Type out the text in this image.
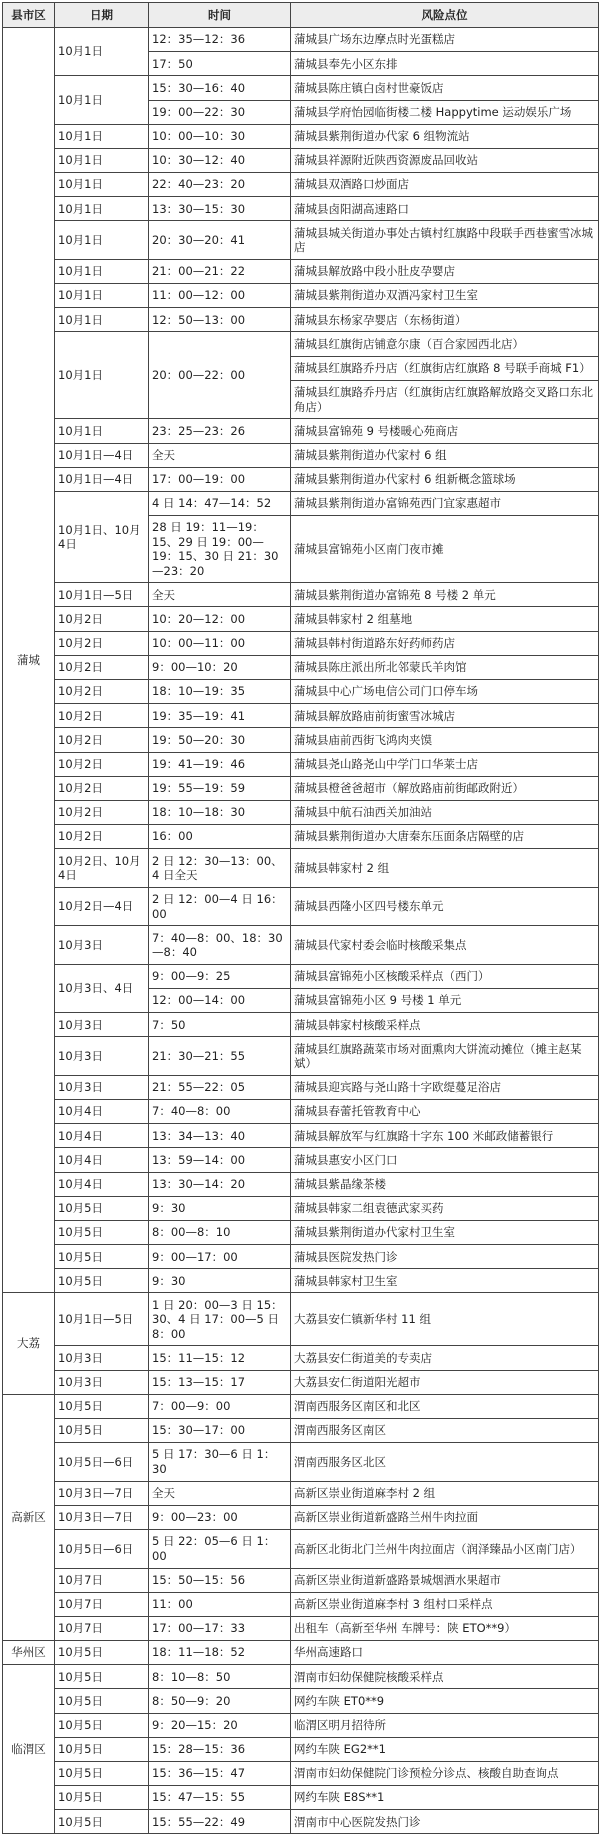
县市区	日期	时间	风险点位
蒲城	10月1日	12：35—12：36	蒲城县广场东边摩点时光蛋糕店
		17：50	蒲城县奉先小区东排
	10月1日	15：30—16：40	蒲城县陈庄镇白卤村世豪饭店
		19：00—22：30	蒲城县学府怡园临街楼二楼 Happytime 运动娱乐广场
	10月1日	10：00—10：30	蒲城县紫荆街道办代家 6 组物流站
	10月1日	10：30—12：40	蒲城县祥源附近陕西资源废品回收站
	10月1日	22：40—23：20	蒲城县双酒路口炒面店
	10月1日	13：30—15：30	蒲城县卤阳湖高速路口
	10月1日	20：30—20：41	蒲城县城关街道办事处古镇村红旗路中段联手西巷蜜雪冰城店
	10月1日	21：00—21：22	蒲城县解放路中段小肚皮孕婴店
	10月1日	11：00—12：00	蒲城县紫荆街道办双酒冯家村卫生室
	10月1日	12：50—13：00	蒲城县东杨家孕婴店（东杨街道）
	10月1日	20：00—22：00	蒲城县红旗街店铺意尔康（百合家园西北店）
			蒲城县红旗路乔丹店（红旗街店红旗路 8 号联手商城 F1）
			蒲城县红旗路乔丹店（红旗街店红旗路解放路交叉路口东北角店）
	10月1日	23：25—23：26	蒲城县富锦苑 9 号楼暖心苑商店
	10月1日—4日	全天	蒲城县紫荆街道办代家村 6 组
	10月1日—4日	17：00—19：00	蒲城县紫荆街道办代家村 6 组新概念篮球场
	10月1日、10月4日	4 日 14：47—14：52	蒲城县紫荆街道办富锦苑西门宜家惠超市
		28 日 19：11—19：15、29 日 19：00—19：15、30 日 21：30—23：20	蒲城县富锦苑小区南门夜市摊
	10月1日—5日	全天	蒲城县紫荆街道办富锦苑 8 号楼 2 单元
	10月2日	10：20—12：00	蒲城县韩家村 2 组墓地
	10月2日	10：00—11：00	蒲城县韩村街道路东好药师药店
	10月2日	9：00—10：20	蒲城县陈庄派出所北邻蒙氏羊肉馆
	10月2日	18：10—19：35	蒲城县中心广场电信公司门口停车场
	10月2日	19：35—19：41	蒲城县解放路庙前街蜜雪冰城店
	10月2日	19：50—20：30	蒲城县庙前西街飞鸿肉夹馍
	10月2日	19：41—19：46	蒲城县尧山路尧山中学门口华莱士店
	10月2日	19：55—19：59	蒲城县橙爸爸超市（解放路庙前街邮政附近）
	10月2日	18：10—18：30	蒲城县中航石油西关加油站
	10月2日	16：00	蒲城县紫荆街道办大唐秦东压面条店隔壁的店
	10月2日、10月4日	2 日 12：30—13：00、4 日全天	蒲城县韩家村 2 组
	10月2日—4日	2 日 12：00—4 日 16：00	蒲城县西隆小区四号楼东单元
	10月3日	7：40—8：00、18：30—8：40	蒲城县代家村委会临时核酸采集点
	10月3日、4日	9：00—9：25	蒲城县富锦苑小区核酸采样点（西门）
		12：00—14：00	蒲城县富锦苑小区 9 号楼 1 单元
	10月3日	7：50	蒲城县韩家村核酸采样点
	10月3日	21：30—21：55	蒲城县红旗路蔬菜市场对面熏肉大饼流动摊位（摊主赵某斌）
	10月3日	21：55—22：05	蒲城县迎宾路与尧山路十字欧缇蔓足浴店
	10月4日	7：40—8：00	蒲城县春蕾托管教育中心
	10月4日	13：34—13：40	蒲城县解放军与红旗路十字东 100 米邮政储蓄银行
	10月4日	13：59—14：00	蒲城县惠安小区门口
	10月4日	13：30—14：20	蒲城县紫晶缘茶楼
	10月5日	9：30	蒲城县韩家二组袁德武家买药
	10月5日	8：00—8：10	蒲城县紫荆街道办代家村卫生室
	10月5日	9：00—17：00	蒲城县医院发热门诊
	10月5日	9：30	蒲城县韩家村卫生室
大荔	10月1日—5日	1 日 20：00—3 日 15：30、4 日 17：00—5 日 8：00	大荔县安仁镇新华村 11 组
	10月3日	15：11—15：12	大荔县安仁街道美的专卖店
	10月3日	15：13—15：17	大荔县安仁街道阳光超市
高新区	10月5日	7：00—9：00	渭南西服务区南区和北区
	10月5日	15：30—17：00	渭南西服务区南区
	10月5日—6日	5 日 17：30—6 日 1：30	渭南西服务区北区
	10月3日—7日	全天	高新区崇业街道麻李村 2 组
	10月3日—7日	9：00—23：00	高新区崇业街道新盛路兰州牛肉拉面
	10月5日—6日	5 日 22：05—6 日 1：00	高新区北街北门兰州牛肉拉面店（润泽臻品小区南门店）
	10月7日	15：50—15：56	高新区崇业街道新盛路景城烟酒水果超市
	10月7日	11：00	高新区崇业街道麻李村 3 组村口采样点
	10月7日	17：00—17：33	出租车（高新至华州 车牌号：陕 ETO**9）
华州区	10月5日	18：11—18：52	华州高速路口
临渭区	10月5日	8：10—8：50	渭南市妇幼保健院核酸采样点
	10月5日	8：50—9：20	网约车陕 ET0**9
	10月5日	9：20—15：20	临渭区明月招待所
	10月5日	15：28—15：36	网约车陕 EG2**1
	10月5日	15：36—15：47	渭南市妇幼保健院门诊预检分诊点、核酸自助查询点
	10月5日	15：47—15：55	网约车陕 E8S**1
	10月5日	15：55—22：49	渭南市中心医院发热门诊
